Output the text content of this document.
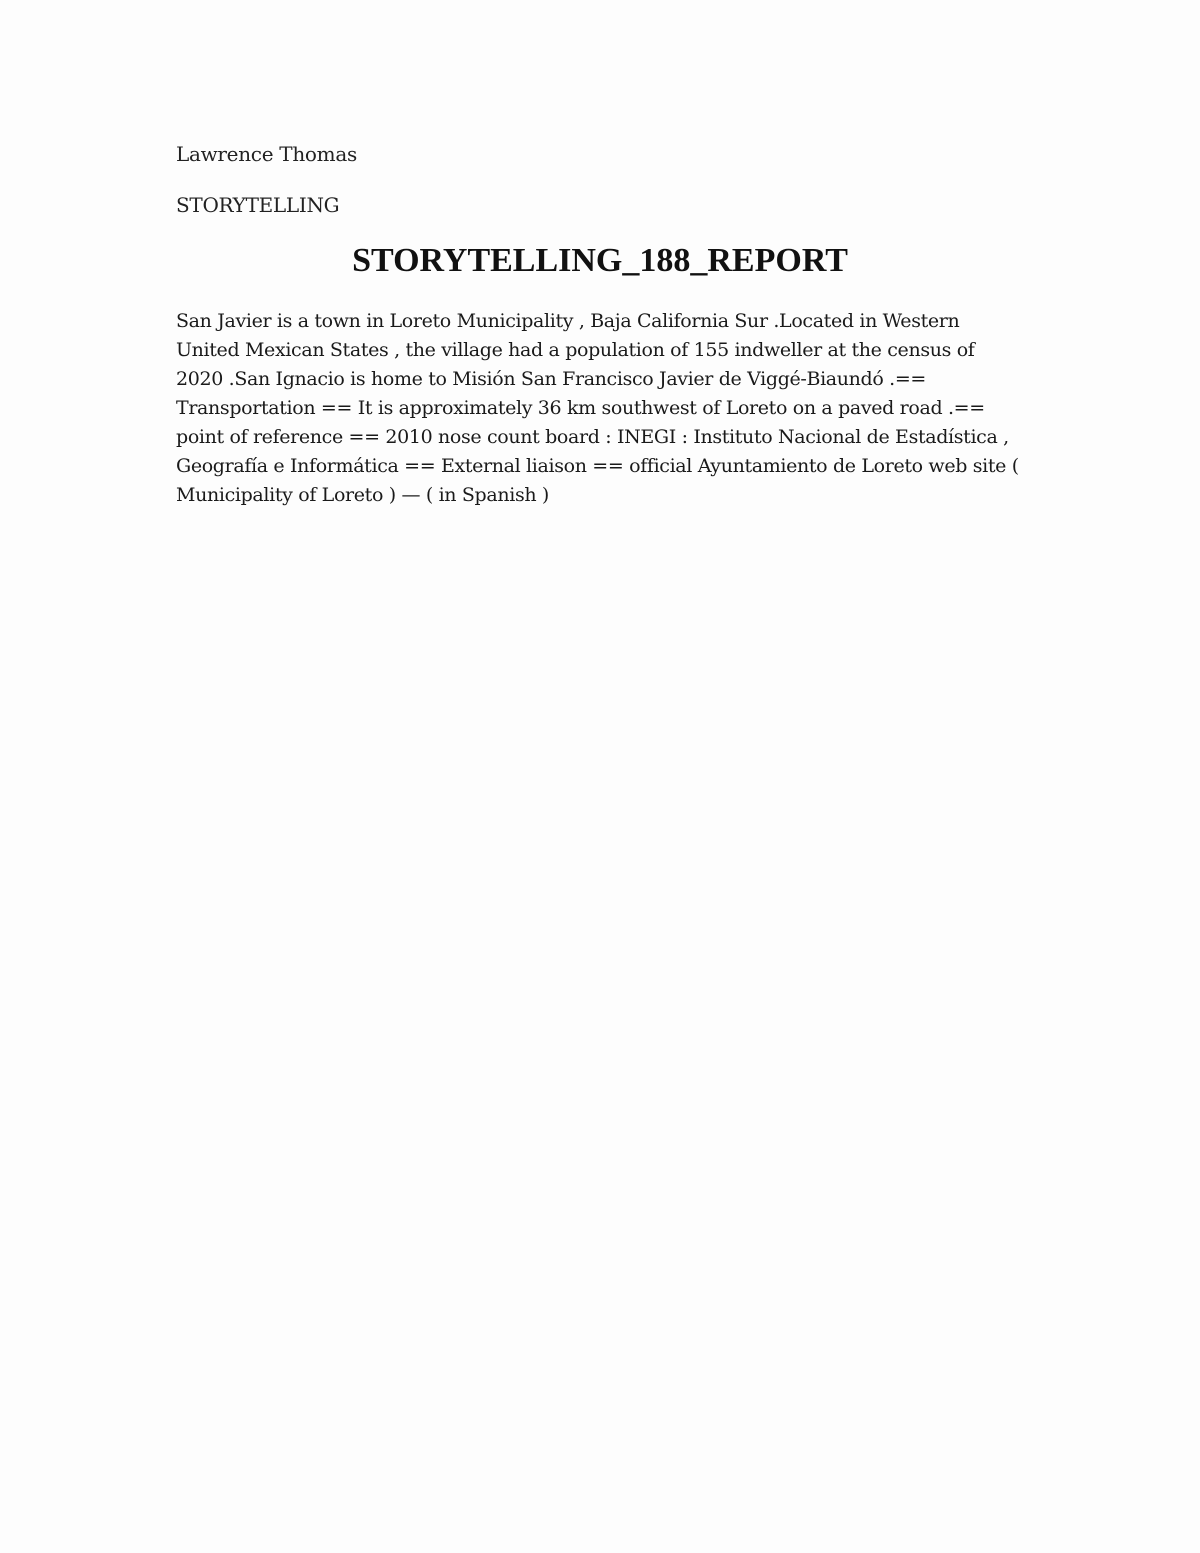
Lawrence Thomas
STORYTELLING
STORYTELLING_188_REPORT

San Javier is a town in Loreto Municipality , Baja California Sur .Located in Western United Mexican States , the village had a population of 155 indweller at the census of 2020 .San Ignacio is home to Misión San Francisco Javier de Viggé-Biaundó .== Transportation == It is approximately 36 km southwest of Loreto on a paved road .== point of reference == 2010 nose count board : INEGI : Instituto Nacional de Estadística , Geografía e Informática == External liaison == official Ayuntamiento de Loreto web site ( Municipality of Loreto ) — ( in Spanish )
